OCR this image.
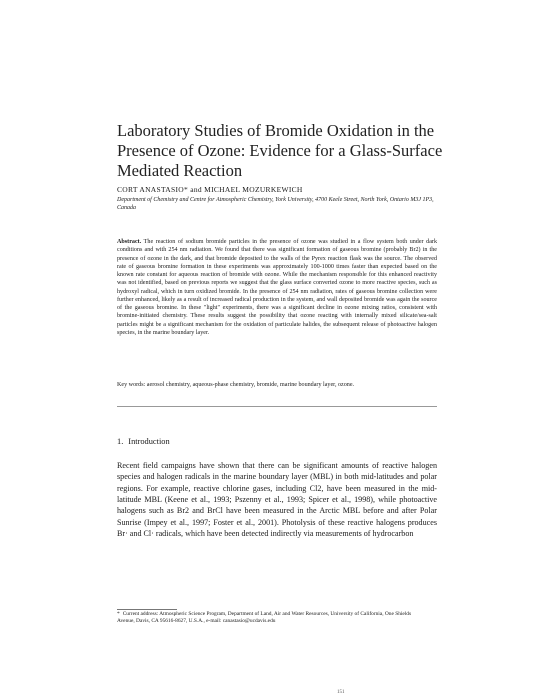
Laboratory Studies of Bromide Oxidation in the Presence of Ozone: Evidence for a Glass-Surface Mediated Reaction
CORT ANASTASIO* and MICHAEL MOZURKEWICH
Department of Chemistry and Centre for Atmospheric Chemistry, York University, 4700 Keele Street, North York, Ontario M3J 1P3, Canada
Abstract. The reaction of sodium bromide particles in the presence of ozone was studied in a flow system both under dark conditions and with 254 nm radiation. We found that there was significant formation of gaseous bromine (probably Br2) in the presence of ozone in the dark, and that bromide deposited to the walls of the Pyrex reaction flask was the source. The observed rate of gaseous bromine formation in these experiments was approximately 100-1000 times faster than expected based on the known rate constant for aqueous reaction of bromide with ozone. While the mechanism responsible for this enhanced reactivity was not identified, based on previous reports we suggest that the glass surface converted ozone to more reactive species, such as hydroxyl radical, which in turn oxidized bromide. In the presence of 254 nm radiation, rates of gaseous bromine collection were further enhanced, likely as a result of increased radical production in the system, and wall deposited bromide was again the source of the gaseous bromine. In these "light" experiments, there was a significant decline in ozone mixing ratios, consistent with bromine-initiated chemistry. These results suggest the possibility that ozone reacting with internally mixed silicate/sea-salt particles might be a significant mechanism for the oxidation of particulate halides, the subsequent release of photoactive halogen species, in the marine boundary layer.
Key words: aerosol chemistry, aqueous-phase chemistry, bromide, marine boundary layer, ozone.
1. Introduction
Recent field campaigns have shown that there can be significant amounts of reactive halogen species and halogen radicals in the marine boundary layer (MBL) in both mid-latitudes and polar regions. For example, reactive chlorine gases, including Cl2, have been measured in the mid-latitude MBL (Keene et al., 1993; Pszenny et al., 1993; Spicer et al., 1998), while photoactive halogens such as Br2 and BrCl have been measured in the Arctic MBL before and after Polar Sunrise (Impey et al., 1997; Foster et al., 2001). Photolysis of these reactive halogens produces Br· and Cl· radicals, which have been detected indirectly via measurements of hydrocarbon
* Current address: Atmospheric Science Program, Department of Land, Air and Water Resources, University of California, One Shields Avenue, Davis, CA 95616-8627, U.S.A., e-mail: canastasio@ucdavis.edu
151
